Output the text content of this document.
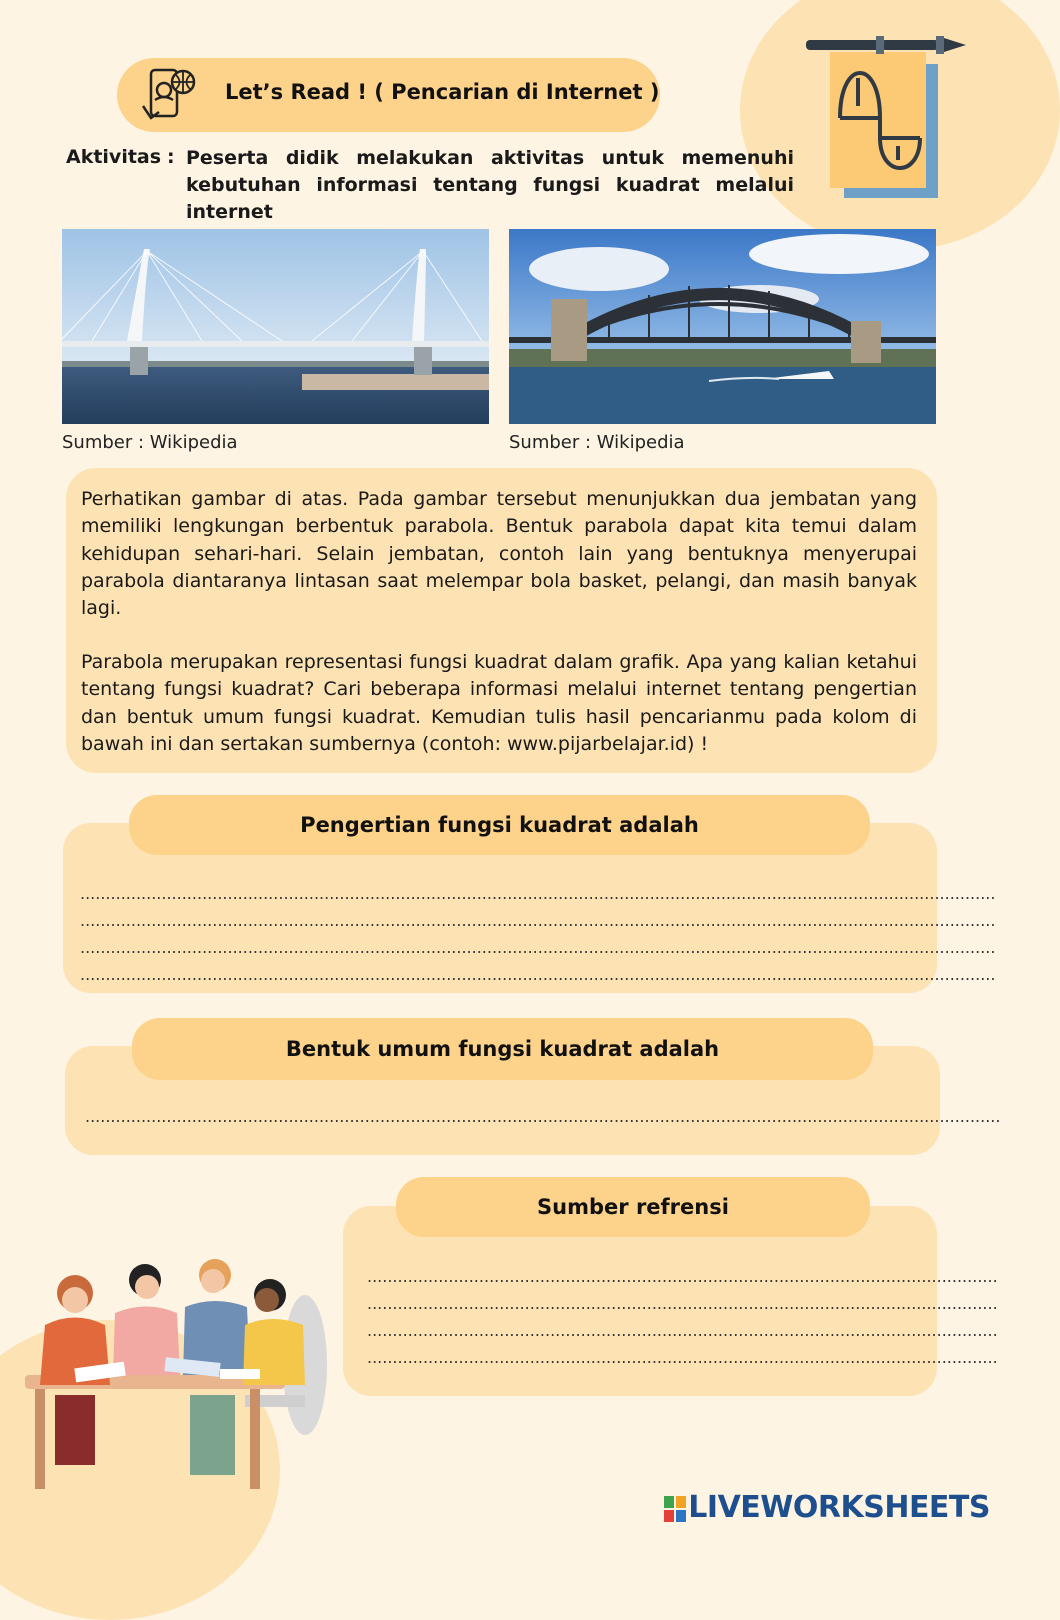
Let’s Read ! ( Pencarian di Internet )
Aktivitas : Peserta didik melakukan aktivitas untuk memenuhi kebutuhan informasi tentang fungsi kuadrat melalui internet
Sumber : Wikipedia	Sumber : Wikipedia
Perhatikan gambar di atas. Pada gambar tersebut menunjukkan dua jembatan yang memiliki lengkungan berbentuk parabola. Bentuk parabola dapat kita temui dalam kehidupan sehari-hari. Selain jembatan, contoh lain yang bentuknya menyerupai parabola diantaranya lintasan saat melempar bola basket, pelangi, dan masih banyak lagi.
Parabola merupakan representasi fungsi kuadrat dalam grafik. Apa yang kalian ketahui tentang fungsi kuadrat? Cari beberapa informasi melalui internet tentang pengertian dan bentuk umum fungsi kuadrat. Kemudian tulis hasil pencarianmu pada kolom di bawah ini dan sertakan sumbernya (contoh: www.pijarbelajar.id) !
....................................................................................................................................................................................
....................................................................................................................................................................................
....................................................................................................................................................................................
....................................................................................................................................................................................
Pengertian fungsi kuadrat adalah
....................................................................................................................................................................................
Bentuk umum fungsi kuadrat adalah
............................................................................................................................
............................................................................................................................
............................................................................................................................
............................................................................................................................
Sumber refrensi
LIVEWORKSHEETS
